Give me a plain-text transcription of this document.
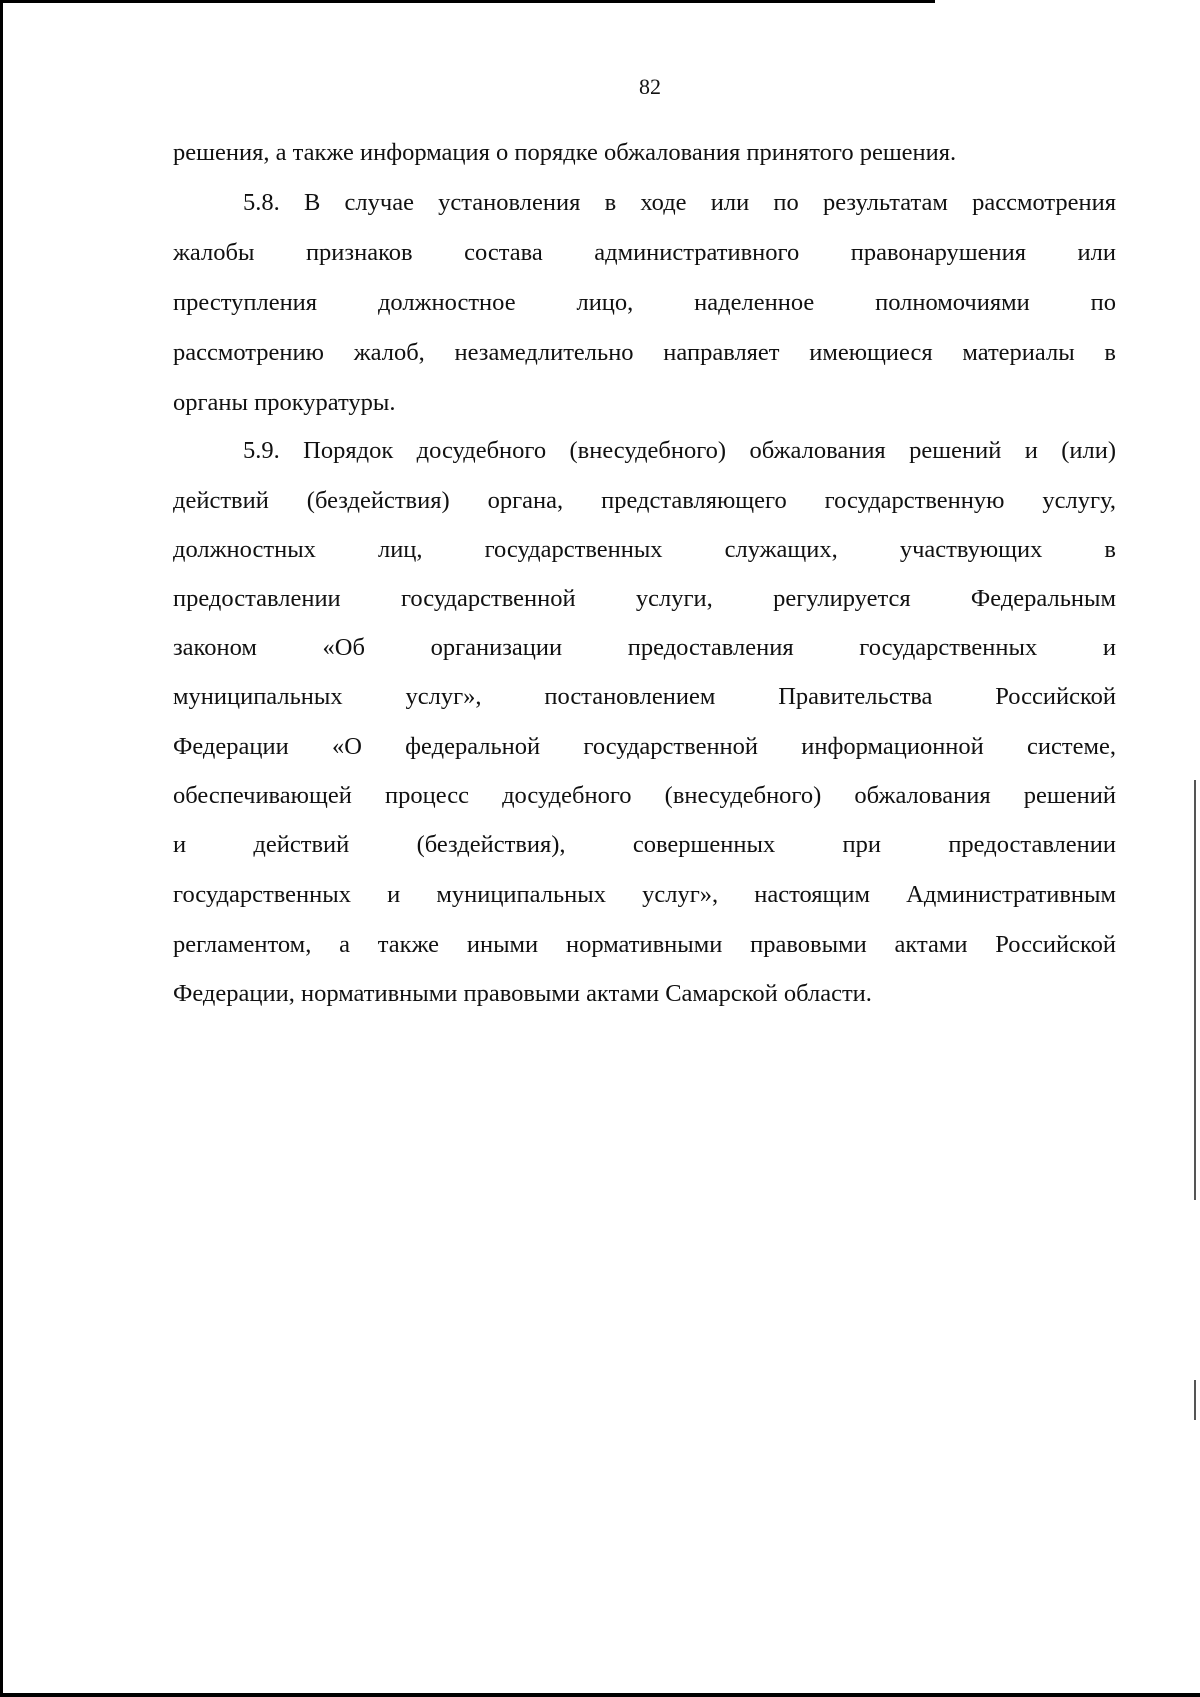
82
решения, а также информация о порядке обжалования принятого решения.
5.8. В случае установления в ходе или по результатам рассмотрения
жалобы признаков состава административного правонарушения или
преступления должностное лицо, наделенное полномочиями по
рассмотрению жалоб, незамедлительно направляет имеющиеся материалы в
органы прокуратуры.
5.9. Порядок досудебного (внесудебного) обжалования решений и (или)
действий (бездействия) органа, представляющего государственную услугу,
должностных лиц, государственных служащих, участвующих в
предоставлении государственной услуги, регулируется Федеральным
законом «Об организации предоставления государственных и
муниципальных услуг», постановлением Правительства Российской
Федерации «О федеральной государственной информационной системе,
обеспечивающей процесс досудебного (внесудебного) обжалования решений
и действий (бездействия), совершенных при предоставлении
государственных и муниципальных услуг», настоящим Административным
регламентом, а также иными нормативными правовыми актами Российской
Федерации, нормативными правовыми актами Самарской области.
